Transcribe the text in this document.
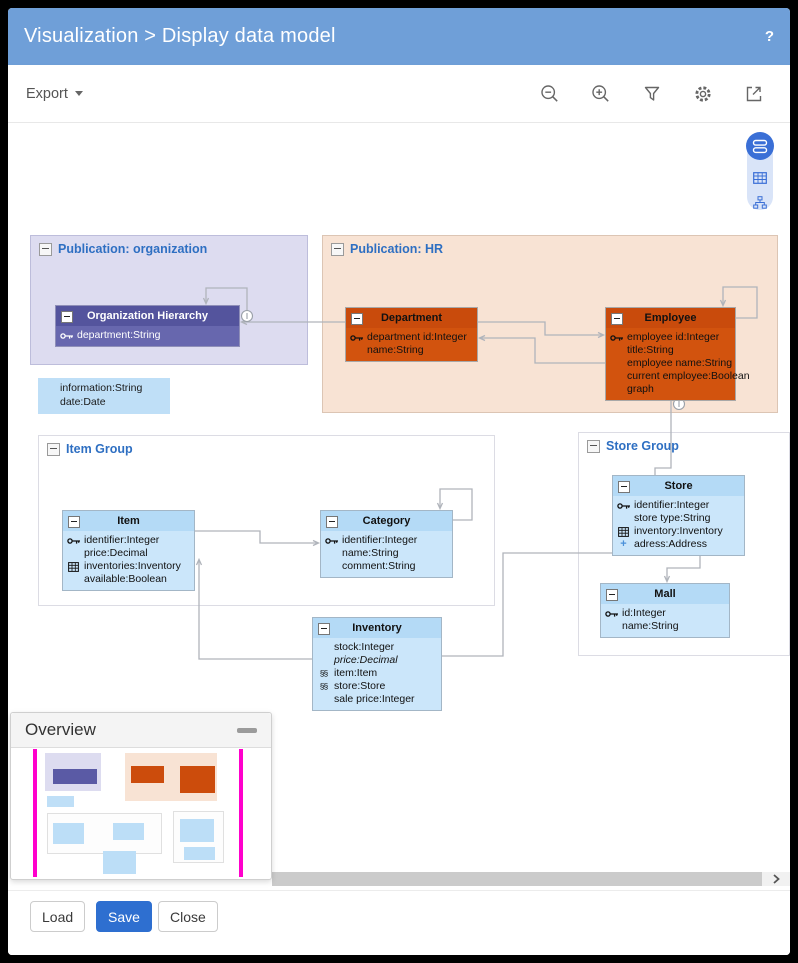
Visualization > Display data model	?
Export
Publication: organization	Publication: HR
Item Group	Store Group
Organization Hierarchy
department:String
Department
department id:Integer
name:String
Employee
employee id:Integer
title:String
employee name:String
current employee:Boolean
graph
Item
identifier:Integer
price:Decimal
inventories:Inventory
available:Boolean
Category
identifier:Integer
name:String
comment:String
Store
identifier:Integer
store type:String
inventory:Inventory
+ adress:Address
Mall
id:Integer
name:String
Inventory
stock:Integer
price:Decimal
§§ item:Item
§§ store:Store
sale price:Integer
information:String
date:Date
Overview
Load	Save	Close
